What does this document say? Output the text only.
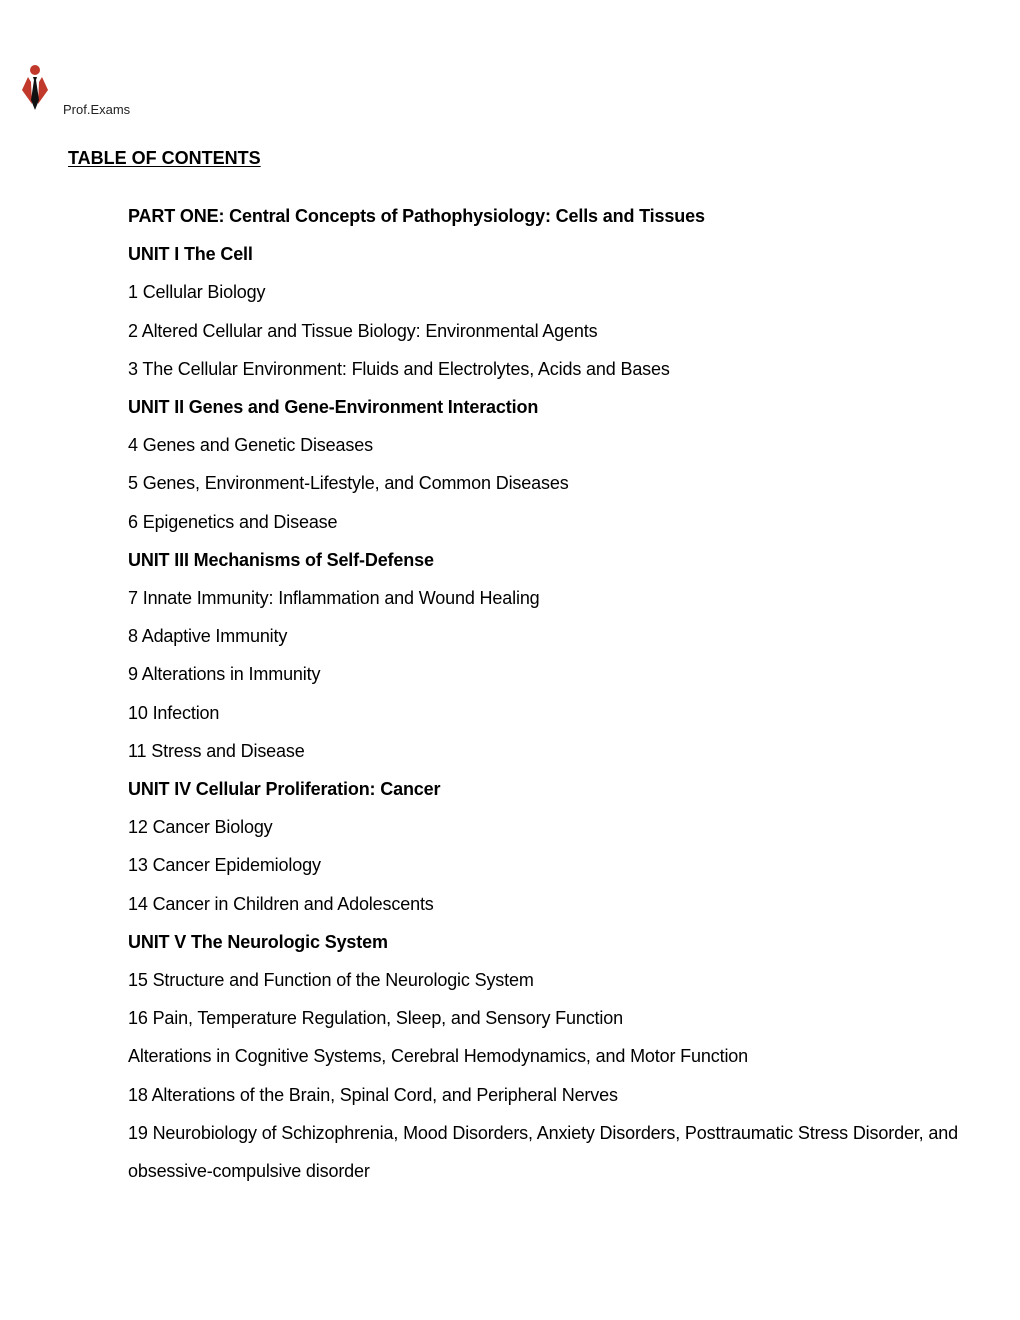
Prof.Exams
TABLE OF CONTENTS
PART ONE: Central Concepts of Pathophysiology: Cells and Tissues
UNIT I The Cell
1 Cellular Biology
2 Altered Cellular and Tissue Biology: Environmental Agents
3 The Cellular Environment: Fluids and Electrolytes, Acids and Bases
UNIT II Genes and Gene-Environment Interaction
4 Genes and Genetic Diseases
5 Genes, Environment-Lifestyle, and Common Diseases
6 Epigenetics and Disease
UNIT III Mechanisms of Self-Defense
7 Innate Immunity: Inflammation and Wound Healing
8 Adaptive Immunity
9 Alterations in Immunity
10 Infection
11 Stress and Disease
UNIT IV Cellular Proliferation: Cancer
12 Cancer Biology
13 Cancer Epidemiology
14 Cancer in Children and Adolescents
UNIT V The Neurologic System
15 Structure and Function of the Neurologic System
16 Pain, Temperature Regulation, Sleep, and Sensory Function
Alterations in Cognitive Systems, Cerebral Hemodynamics, and Motor Function
18 Alterations of the Brain, Spinal Cord, and Peripheral Nerves
19 Neurobiology of Schizophrenia, Mood Disorders, Anxiety Disorders, Posttraumatic Stress Disorder, and obsessive-compulsive disorder
